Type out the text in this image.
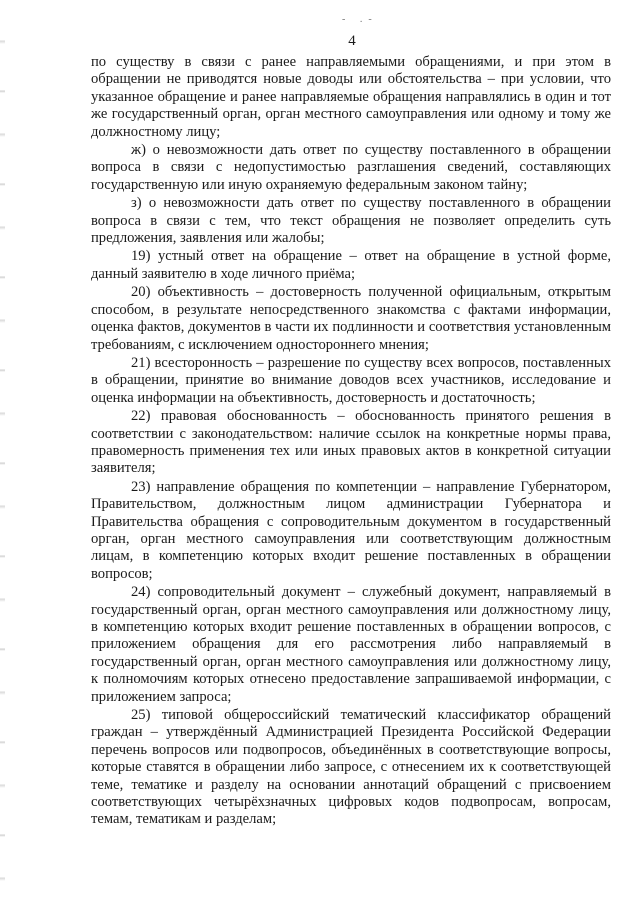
- .-
4

по существу в связи с ранее направляемыми обращениями, и при этом в обращении не приводятся новые доводы или обстоятельства – при условии, что указанное обращение и ранее направляемые обращения направлялись в один и тот же государственный орган, орган местного самоуправления или одному и тому же должностному лицу;

ж) о невозможности дать ответ по существу поставленного в обращении вопроса в связи с недопустимостью разглашения сведений, составляющих государственную или иную охраняемую федеральным законом тайну;

з) о невозможности дать ответ по существу поставленного в обращении вопроса в связи с тем, что текст обращения не позволяет определить суть предложения, заявления или жалобы;

19) устный ответ на обращение – ответ на обращение в устной форме, данный заявителю в ходе личного приёма;

20) объективность – достоверность полученной официальным, открытым способом, в результате непосредственного знакомства с фактами информации, оценка фактов, документов в части их подлинности и соответствия установленным требованиям, с исключением одностороннего мнения;

21) всесторонность – разрешение по существу всех вопросов, поставленных в обращении, принятие во внимание доводов всех участников, исследование и оценка информации на объективность, достоверность и достаточность;

22) правовая обоснованность – обоснованность принятого решения в соответствии с законодательством: наличие ссылок на конкретные нормы права, правомерность применения тех или иных правовых актов в конкретной ситуации заявителя;

23) направление обращения по компетенции – направление Губернатором, Правительством, должностным лицом администрации Губернатора и Правительства обращения с сопроводительным документом в государственный орган, орган местного самоуправления или соответствующим должностным лицам, в компетенцию которых входит решение поставленных в обращении вопросов;

24) сопроводительный документ – служебный документ, направляемый в государственный орган, орган местного самоуправления или должностному лицу, в компетенцию которых входит решение поставленных в обращении вопросов, с приложением обращения для его рассмотрения либо направляемый в государственный орган, орган местного самоуправления или должностному лицу, к полномочиям которых отнесено предоставление запрашиваемой информации, с приложением запроса;

25) типовой общероссийский тематический классификатор обращений граждан – утверждённый Администрацией Президента Российской Федерации перечень вопросов или подвопросов, объединённых в соответствующие вопросы, которые ставятся в обращении либо запросе, с отнесением их к соответствующей теме, тематике и разделу на основании аннотаций обращений с присвоением соответствующих четырёхзначных цифровых кодов подвопросам, вопросам, темам, тематикам и разделам;
